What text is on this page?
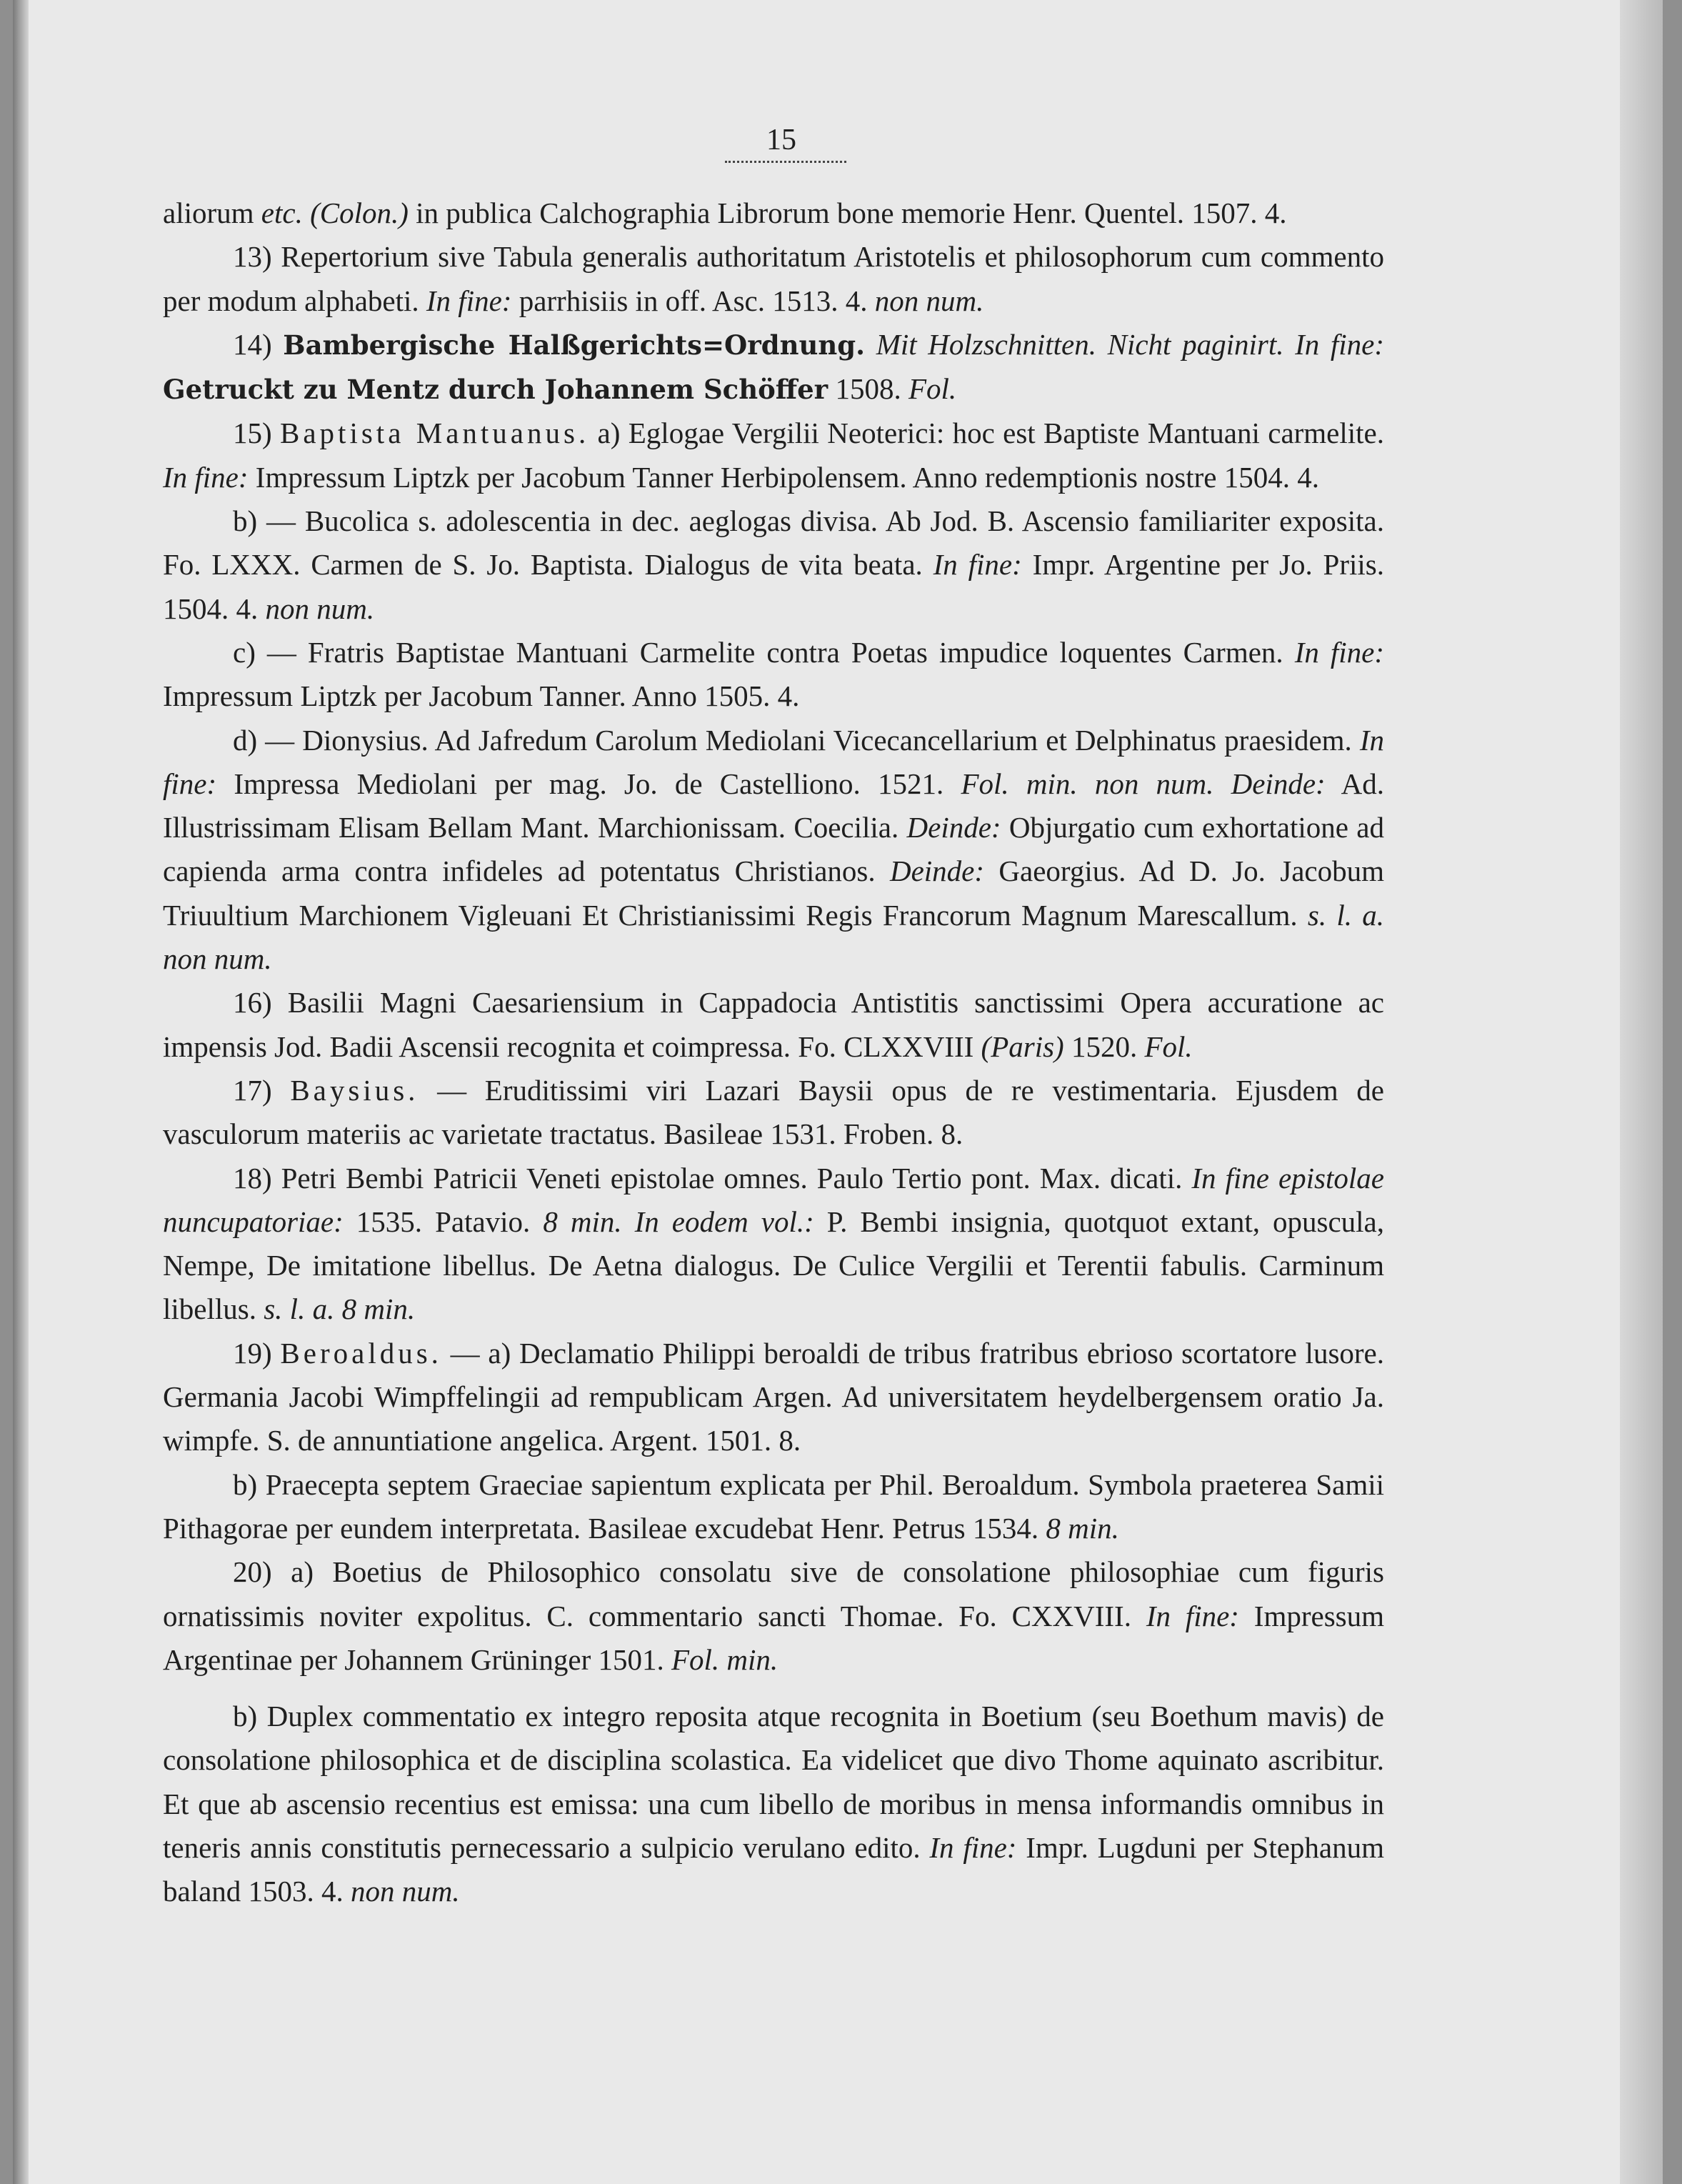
15

aliorum etc. (Colon.) in publica Calchographia Librorum bone memorie Henr. Quentel. 1507. 4.

13) Repertorium sive Tabula generalis authoritatum Aristotelis et philosophorum cum commento per modum alphabeti. In fine: parrhisiis in off. Asc. 1513. 4. non num.

14) Bambergische Halßgerichts=Ordnung. Mit Holzschnitten. Nicht paginirt. In fine: Getruckt zu Mentz durch Johannem Schöffer 1508. Fol.

15) Baptista Mantuanus. a) Eglogae Vergilii Neoterici: hoc est Baptiste Mantuani carmelite. In fine: Impressum Liptzk per Jacobum Tanner Herbipolensem. Anno redemptionis nostre 1504. 4.

b) — Bucolica s. adolescentia in dec. aeglogas divisa. Ab Jod. B. Ascensio familiariter exposita. Fo. LXXX. Carmen de S. Jo. Baptista. Dialogus de vita beata. In fine: Impr. Argentine per Jo. Priis. 1504. 4. non num.

c) — Fratris Baptistae Mantuani Carmelite contra Poetas impudice loquentes Carmen. In fine: Impressum Liptzk per Jacobum Tanner. Anno 1505. 4.

d) — Dionysius. Ad Jafredum Carolum Mediolani Vicecancellarium et Delphinatus praesidem. In fine: Impressa Mediolani per mag. Jo. de Castelliono. 1521. Fol. min. non num. Deinde: Ad. Illustrissimam Elisam Bellam Mant. Marchionissam. Coecilia. Deinde: Objurgatio cum exhortatione ad capienda arma contra infideles ad potentatus Christianos. Deinde: Gaeorgius. Ad D. Jo. Jacobum Triuultium Marchionem Vigleuani Et Christianissimi Regis Francorum Magnum Marescallum. s. l. a. non num.

16) Basilii Magni Caesariensium in Cappadocia Antistitis sanctissimi Opera accuratione ac impensis Jod. Badii Ascensii recognita et coimpressa. Fo. CLXXVIII (Paris) 1520. Fol.

17) Baysius. — Eruditissimi viri Lazari Baysii opus de re vestimentaria. Ejusdem de vasculorum materiis ac varietate tractatus. Basileae 1531. Froben. 8.

18) Petri Bembi Patricii Veneti epistolae omnes. Paulo Tertio pont. Max. dicati. In fine epistolae nuncupatoriae: 1535. Patavio. 8 min. In eodem vol.: P. Bembi insignia, quotquot extant, opuscula, Nempe, De imitatione libellus. De Aetna dialogus. De Culice Vergilii et Terentii fabulis. Carminum libellus. s. l. a. 8 min.

19) Beroaldus. — a) Declamatio Philippi beroaldi de tribus fratribus ebrioso scortatore lusore. Germania Jacobi Wimpffelingii ad rempublicam Argen. Ad universitatem heydelbergensem oratio Ja. wimpfe. S. de annuntiatione angelica. Argent. 1501. 8.

b) Praecepta septem Graeciae sapientum explicata per Phil. Beroaldum. Symbola praeterea Samii Pithagorae per eundem interpretata. Basileae excudebat Henr. Petrus 1534. 8 min.

20) a) Boetius de Philosophico consolatu sive de consolatione philosophiae cum figuris ornatissimis noviter expolitus. C. commentario sancti Thomae. Fo. CXXVIII. In fine: Impressum Argentinae per Johannem Grüninger 1501. Fol. min.

b) Duplex commentatio ex integro reposita atque recognita in Boetium (seu Boethum mavis) de consolatione philosophica et de disciplina scolastica. Ea videlicet que divo Thome aquinato ascribitur. Et que ab ascensio recentius est emissa: una cum libello de moribus in mensa informandis omnibus in teneris annis constitutis pernecessario a sulpicio verulano edito. In fine: Impr. Lugduni per Stephanum baland 1503. 4. non num.
